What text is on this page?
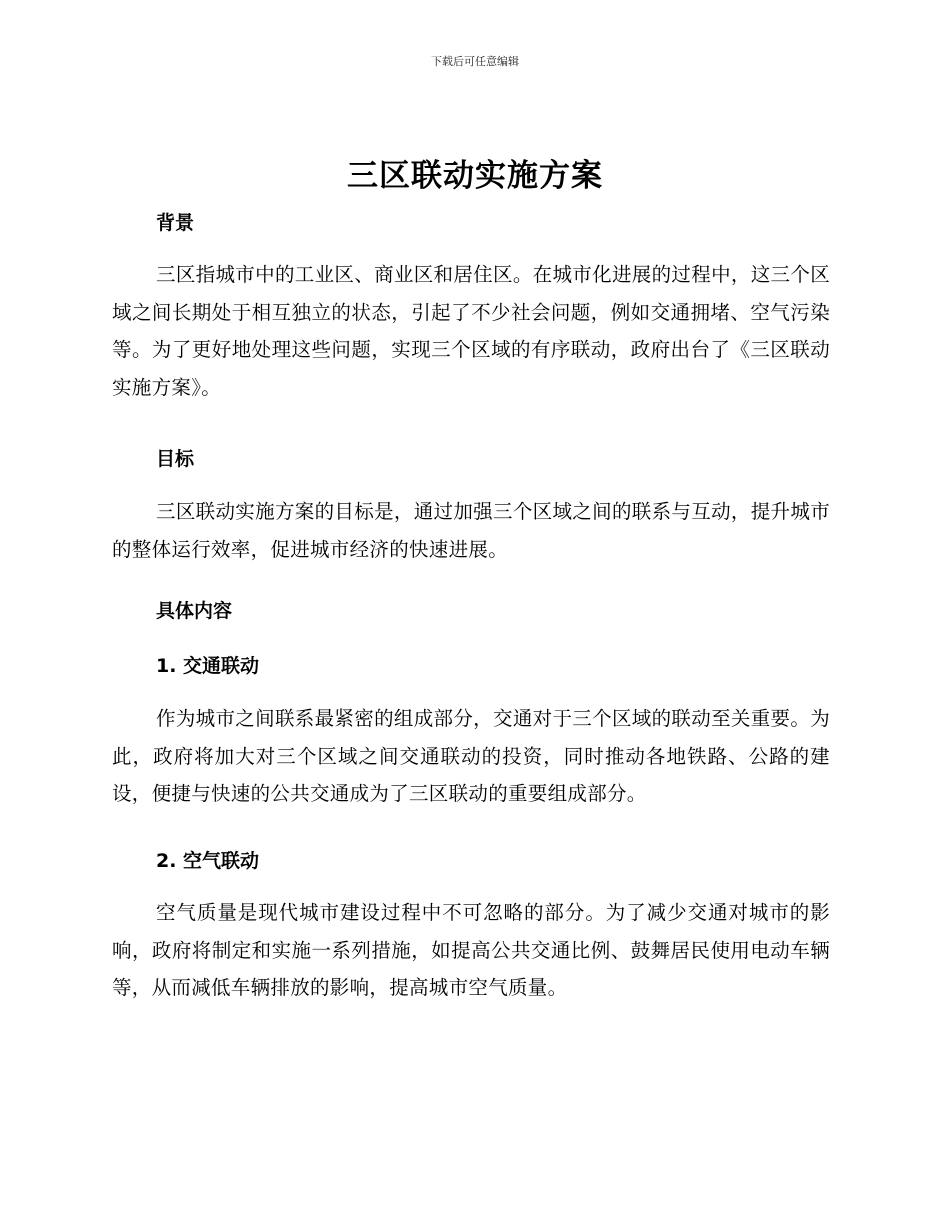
下载后可任意编辑
三区联动实施方案
背景

三区指城市中的工业区、商业区和居住区。在城市化进展的过程中，这三个区域之间长期处于相互独立的状态，引起了不少社会问题，例如交通拥堵、空气污染等。为了更好地处理这些问题，实现三个区域的有序联动，政府出台了《三区联动实施方案》。

目标

三区联动实施方案的目标是，通过加强三个区域之间的联系与互动，提升城市的整体运行效率，促进城市经济的快速进展。

具体内容
1. 交通联动

作为城市之间联系最紧密的组成部分，交通对于三个区域的联动至关重要。为此，政府将加大对三个区域之间交通联动的投资，同时推动各地铁路、公路的建设，便捷与快速的公共交通成为了三区联动的重要组成部分。

2. 空气联动

空气质量是现代城市建设过程中不可忽略的部分。为了减少交通对城市的影响，政府将制定和实施一系列措施，如提高公共交通比例、鼓舞居民使用电动车辆等，从而减低车辆排放的影响，提高城市空气质量。
